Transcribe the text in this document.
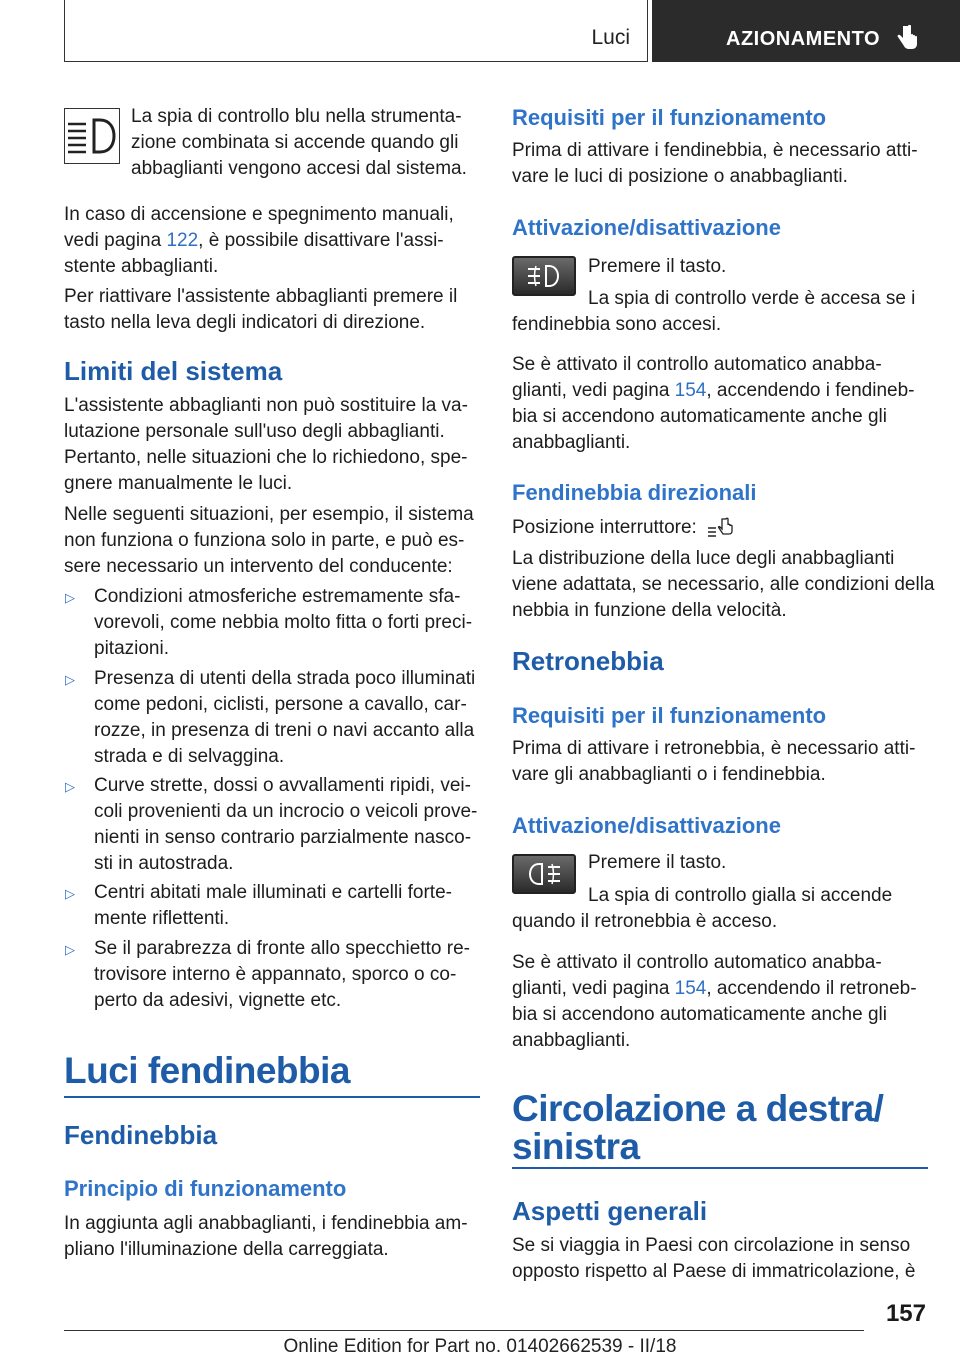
Luci	AZIONAMENTO

La spia di controllo blu nella strumenta‐
zione combinata si accende quando gli
abbaglianti vengono accesi dal sistema.

In caso di accensione e spegnimento manuali,
vedi pagina 122, è possibile disattivare l'assi‐
stente abbaglianti.

Per riattivare l'assistente abbaglianti premere il
tasto nella leva degli indicatori di direzione.

Limiti del sistema

L'assistente abbaglianti non può sostituire la va‐
lutazione personale sull'uso degli abbaglianti.
Pertanto, nelle situazioni che lo richiedono, spe‐
gnere manualmente le luci.

Nelle seguenti situazioni, per esempio, il sistema
non funziona o funziona solo in parte, e può es‐
sere necessario un intervento del conducente:

▷ Condizioni atmosferiche estremamente sfa‐
vorevoli, come nebbia molto fitta o forti preci‐
pitazioni.

▷ Presenza di utenti della strada poco illuminati
come pedoni, ciclisti, persone a cavallo, car‐
rozze, in presenza di treni o navi accanto alla
strada e di selvaggina.

▷ Curve strette, dossi o avvallamenti ripidi, vei‐
coli provenienti da un incrocio o veicoli prove‐
nienti in senso contrario parzialmente nasco‐
sti in autostrada.

▷ Centri abitati male illuminati e cartelli forte‐
mente riflettenti.

▷ Se il parabrezza di fronte allo specchietto re‐
trovisore interno è appannato, sporco o co‐
perto da adesivi, vignette etc.

Luci fendinebbia
Fendinebbia
Principio di funzionamento

In aggiunta agli anabbaglianti, i fendinebbia am‐
pliano l'illuminazione della carreggiata.

Requisiti per il funzionamento

Prima di attivare i fendinebbia, è necessario atti‐
vare le luci di posizione o anabbaglianti.

Attivazione/disattivazione

Premere il tasto.

La spia di controllo verde è accesa se i
fendinebbia sono accesi.

Se è attivato il controllo automatico anabba‐
glianti, vedi pagina 154, accendendo i fendineb‐
bia si accendono automaticamente anche gli
anabbaglianti.

Fendinebbia direzionali

Posizione interruttore:

La distribuzione della luce degli anabbaglianti
viene adattata, se necessario, alle condizioni della
nebbia in funzione della velocità.

Retronebbia
Requisiti per il funzionamento

Prima di attivare i retronebbia, è necessario atti‐
vare gli anabbaglianti o i fendinebbia.

Attivazione/disattivazione

Premere il tasto.

La spia di controllo gialla si accende
quando il retronebbia è acceso.

Se è attivato il controllo automatico anabba‐
glianti, vedi pagina 154, accendendo il retroneb‐
bia si accendono automaticamente anche gli
anabbaglianti.

Circolazione a destra/
sinistra
Aspetti generali

Se si viaggia in Paesi con circolazione in senso
opposto rispetto al Paese di immatricolazione, è

157
Online Edition for Part no. 01402662539 - II/18
